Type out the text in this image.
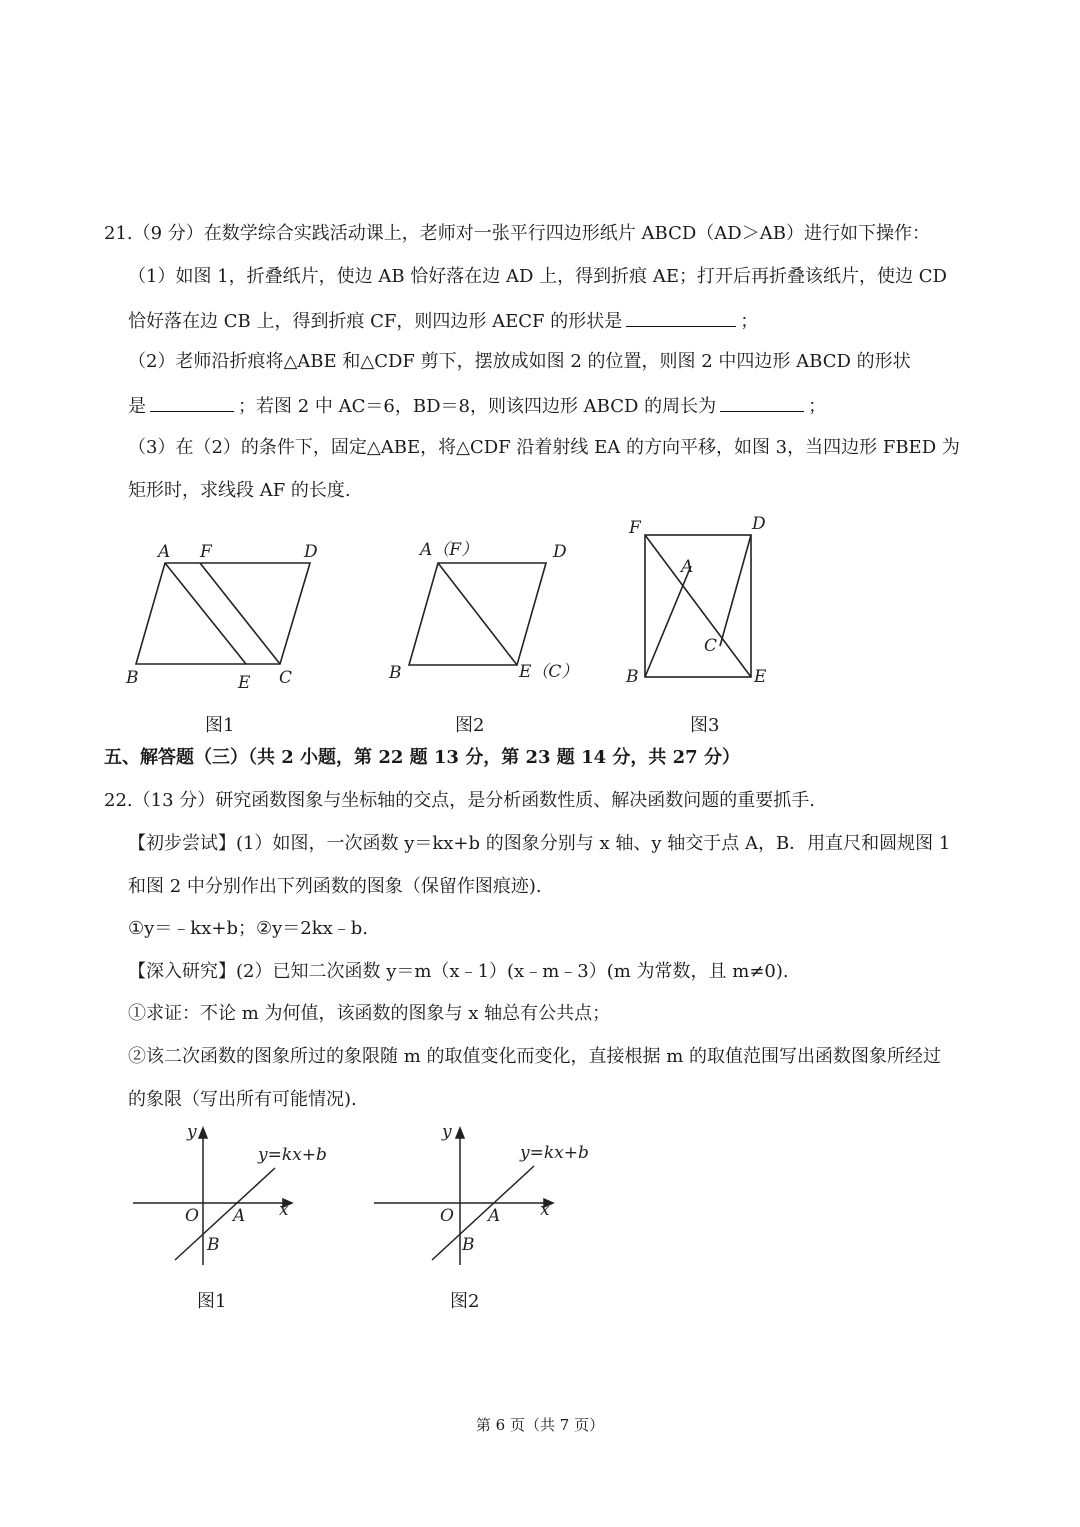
21.（9 分）在数学综合实践活动课上，老师对一张平行四边形纸片 ABCD（AD＞AB）进行如下操作：
（1）如图 1，折叠纸片，使边 AB 恰好落在边 AD 上，得到折痕 AE；打开后再折叠该纸片，使边 CD
恰好落在边 CB 上，得到折痕 CF，则四边形 AECF 的形状是	；
（2）老师沿折痕将△ABE 和△CDF 剪下，摆放成如图 2 的位置，则图 2 中四边形 ABCD 的形状
是	；若图 2 中 AC＝6，BD＝8，则该四边形 ABCD 的周长为	；
（3）在（2）的条件下，固定△ABE，将△CDF 沿着射线 EA 的方向平移，如图 3，当四边形 FBED 为
矩形时，求线段 AF 的长度.
A F	D
B	E C
图1
A（F）	D
B	E（C）
图2
F	D
A
C
B	E
图3
五、解答题（三）（共 2 小题，第 22 题 13 分，第 23 题 14 分，共 27 分）
22.（13 分）研究函数图象与坐标轴的交点，是分析函数性质、解决函数问题的重要抓手.
【初步尝试】(1）如图，一次函数 y＝kx+b 的图象分别与 x 轴、y 轴交于点 A，B．用直尺和圆规图 1
和图 2 中分别作出下列函数的图象（保留作图痕迹).
①y＝﹣kx+b；②y＝2kx﹣b.
【深入研究】(2）已知二次函数 y＝m（x﹣1）(x﹣m﹣3）(m 为常数，且 m≠0).
①求证：不论 m 为何值，该函数的图象与 x 轴总有公共点；
②该二次函数的图象所过的象限随 m 的取值变化而变化，直接根据 m 的取值范围写出函数图象所经过
的象限（写出所有可能情况).
y
x
O A
B
y=kx+b
图1
y
x
O A
B
y=kx+b
图2
第 6 页（共 7 页）
